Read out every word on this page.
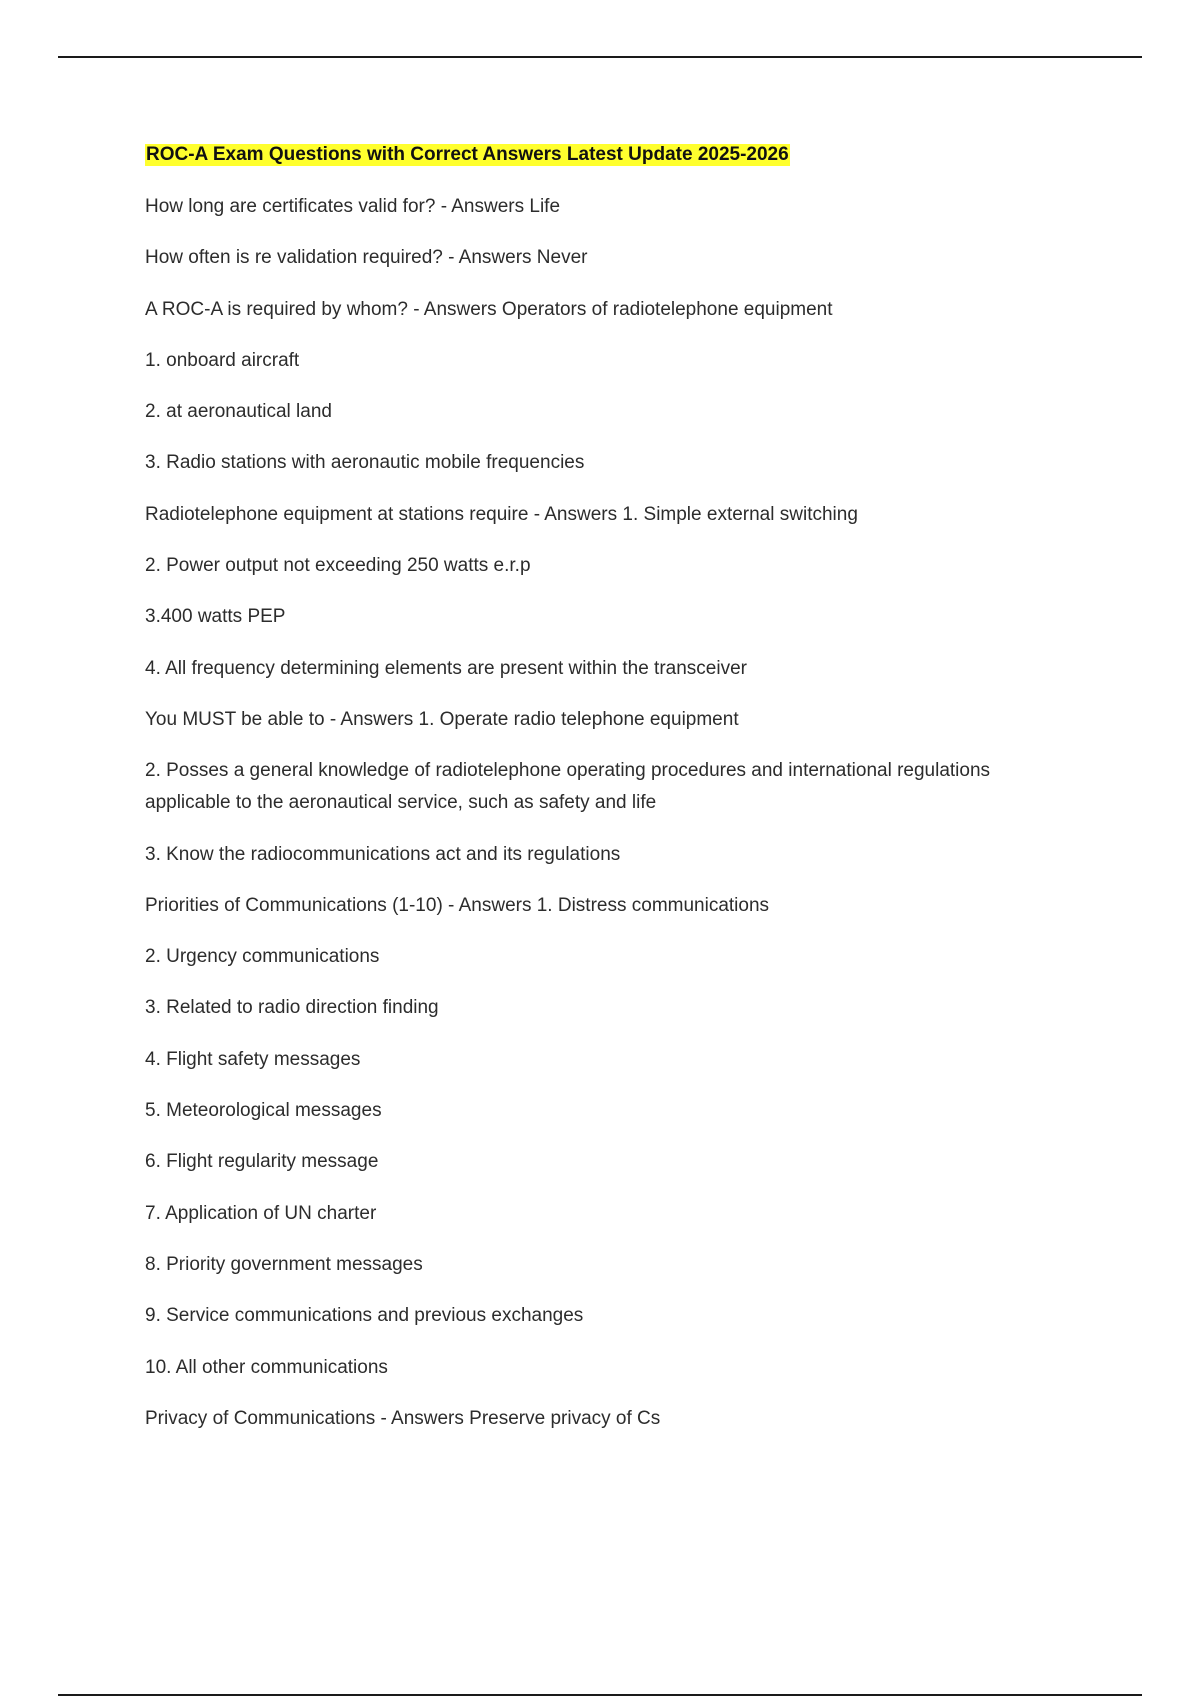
ROC-A Exam Questions with Correct Answers Latest Update 2025-2026
How long are certificates valid for? - Answers Life
How often is re validation required? - Answers Never
A ROC-A is required by whom? - Answers Operators of radiotelephone equipment
1. onboard aircraft
2. at aeronautical land
3. Radio stations with aeronautic mobile frequencies
Radiotelephone equipment at stations require - Answers 1. Simple external switching
2. Power output not exceeding 250 watts e.r.p
3.400 watts PEP
4. All frequency determining elements are present within the transceiver
You MUST be able to - Answers 1. Operate radio telephone equipment
2. Posses a general knowledge of radiotelephone operating procedures and international regulations applicable to the aeronautical service, such as safety and life
3. Know the radiocommunications act and its regulations
Priorities of Communications (1-10) - Answers 1. Distress communications
2. Urgency communications
3. Related to radio direction finding
4. Flight safety messages
5. Meteorological messages
6. Flight regularity message
7. Application of UN charter
8. Priority government messages
9. Service communications and previous exchanges
10. All other communications
Privacy of Communications - Answers Preserve privacy of Cs
